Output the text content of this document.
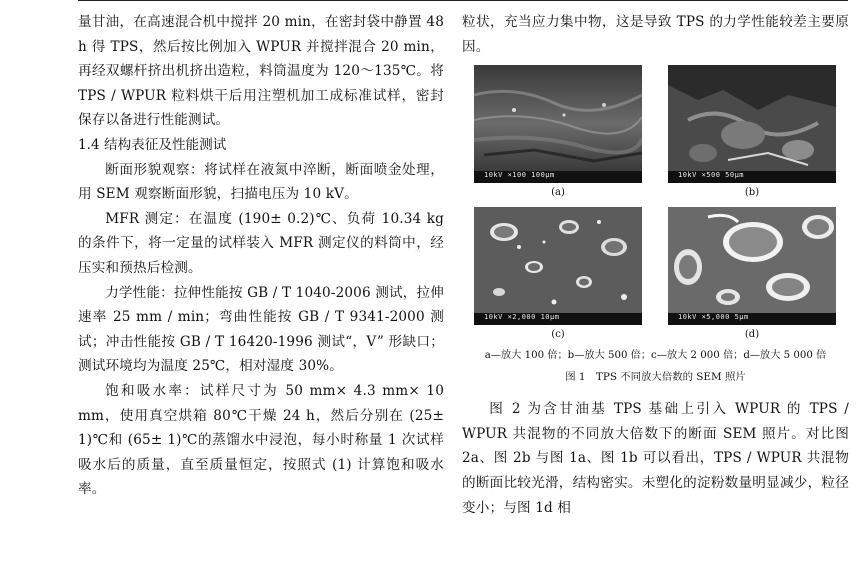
量甘油，在高速混合机中搅拌 20 min，在密封袋中静置 48 h 得 TPS，然后按比例加入 WPUR 并搅拌混合 20 min，再经双螺杆挤出机挤出造粒，料筒温度为 120～135℃。将 TPS / WPUR 粒料烘干后用注塑机加工成标准试样，密封保存以备进行性能测试。

1.4 结构表征及性能测试

断面形貌观察：将试样在液氮中淬断，断面喷金处理，用 SEM 观察断面形貌，扫描电压为 10 kV。

MFR 测定：在温度 (190± 0.2)℃、负荷 10.34 kg 的条件下，将一定量的试样装入 MFR 测定仪的料筒中，经压实和预热后检测。

力学性能：拉伸性能按 GB / T 1040-2006 测试，拉伸速率 25 mm / min；弯曲性能按 GB / T 9341-2000 测试；冲击性能按 GB / T 16420-1996 测试“，V” 形缺口；测试环境均为温度 25℃，相对湿度 30%。

饱和吸水率：试样尺寸为 50 mm× 4.3 mm× 10 mm，使用真空烘箱 80℃干燥 24 h，然后分别在 (25± 1)℃和 (65± 1)℃的蒸馏水中浸泡，每小时称量 1 次试样吸水后的质量，直至质量恒定，按照式 (1) 计算饱和吸水率。

粒状，充当应力集中物，这是导致 TPS 的力学性能较差主要原因。

10kV ×100 100μm
(a)
10kV ×500 50μm
(b)
10kV ×2,000 10μm
(c)
10kV ×5,000 5μm
(d)
a—放大 100 倍；b—放大 500 倍；c—放大 2 000 倍；d—放大 5 000 倍
图 1　TPS 不同放大倍数的 SEM 照片

图 2 为含甘油基 TPS 基础上引入 WPUR 的 TPS / WPUR 共混物的不同放大倍数下的断面 SEM 照片。对比图 2a、图 2b 与图 1a、图 1b 可以看出，TPS / WPUR 共混物的断面比较光滑，结构密实。未塑化的淀粉数量明显减少，粒径变小；与图 1d 相
